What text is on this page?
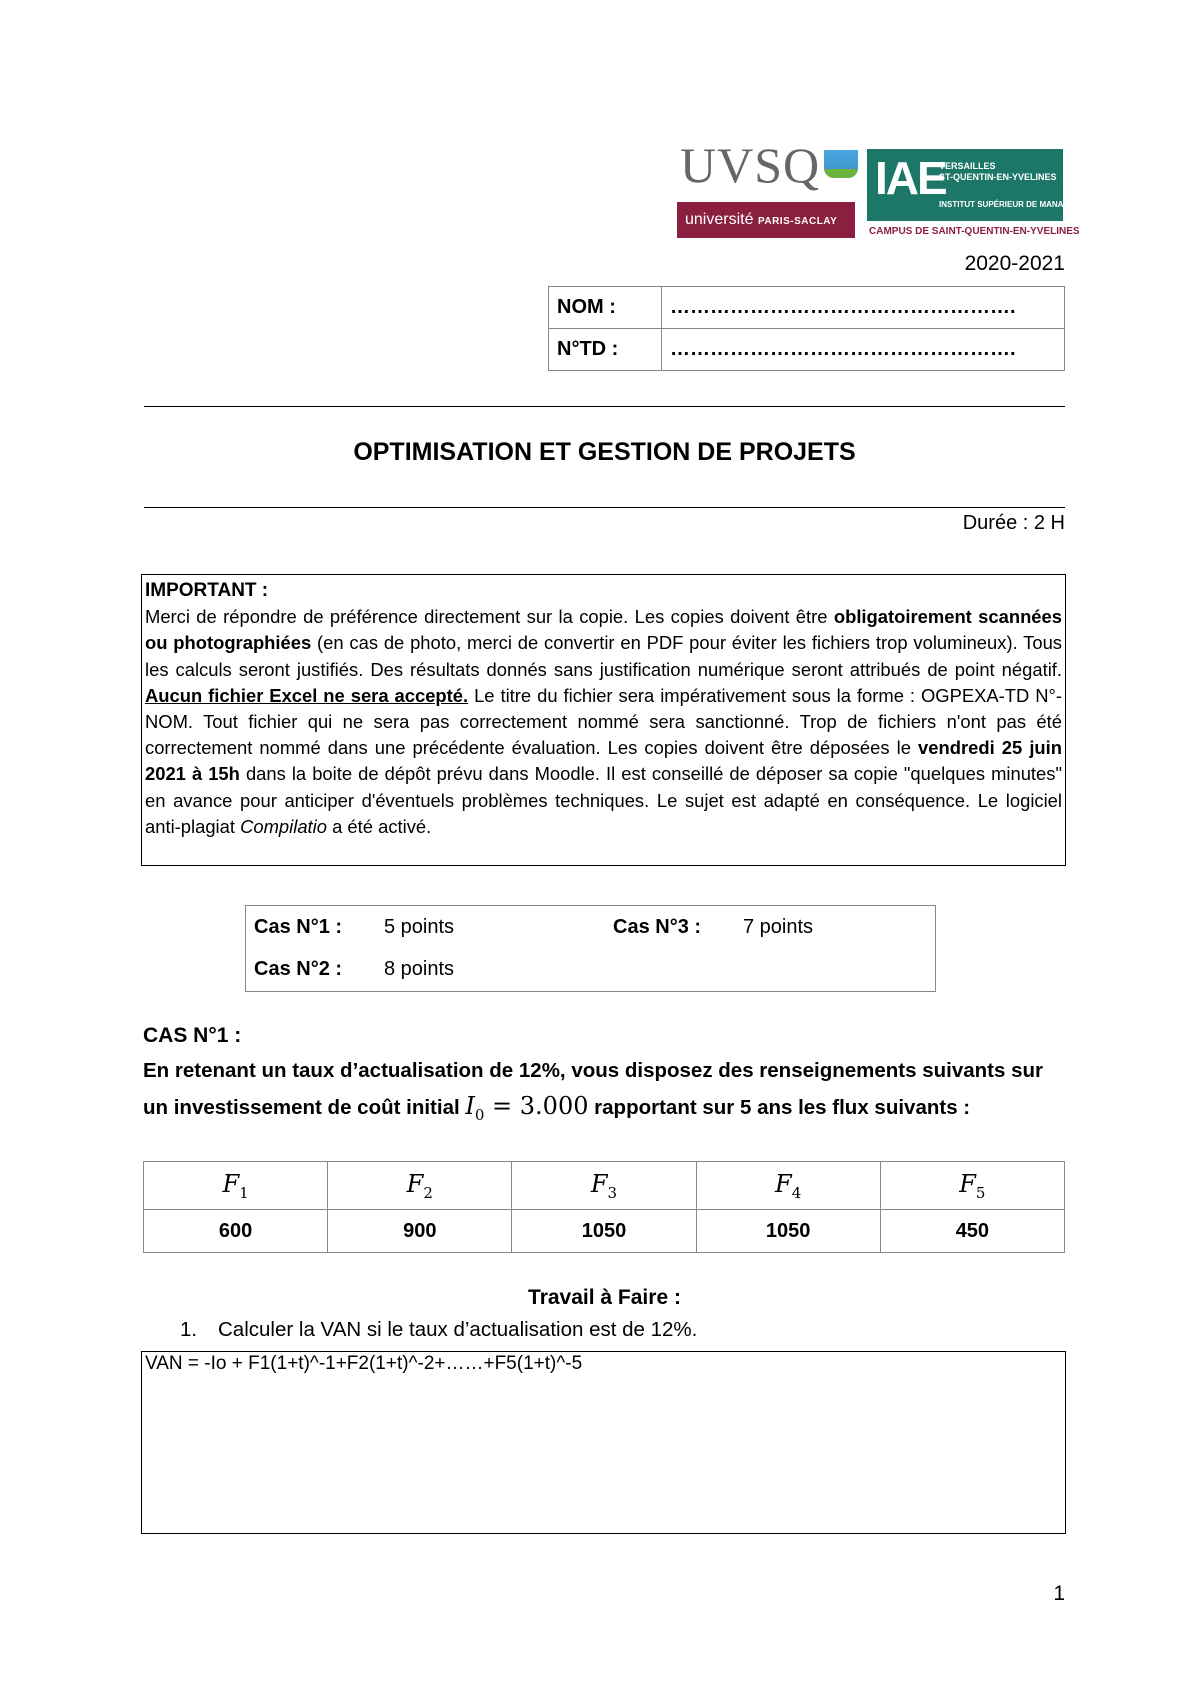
UVSQ
université PARIS-SACLAY
IAE
VERSAILLES
ST-QUENTIN-EN-YVELINES
INSTITUT SUPÉRIEUR DE MANAGEMENT
CAMPUS DE SAINT-QUENTIN-EN-YVELINES
2020-2021
NOM :	…………………………………………….
N°TD :	…………………………………………….
OPTIMISATION ET GESTION DE PROJETS
Durée : 2 H
IMPORTANT :

Merci de répondre de préférence directement sur la copie. Les copies doivent être obligatoirement scannées ou photographiées (en cas de photo, merci de convertir en PDF pour éviter les fichiers trop volumineux). Tous les calculs seront justifiés. Des résultats donnés sans justification numérique seront attribués de point négatif. Aucun fichier Excel ne sera accepté. Le titre du fichier sera impérativement sous la forme : OGPEXA-TD N°- NOM. Tout fichier qui ne sera pas correctement nommé sera sanctionné. Trop de fichiers n'ont pas été correctement nommé dans une précédente évaluation. Les copies doivent être déposées le vendredi 25 juin 2021 à 15h dans la boite de dépôt prévu dans Moodle. Il est conseillé de déposer sa copie "quelques minutes" en avance pour anticiper d'éventuels problèmes techniques. Le sujet est adapté en conséquence. Le logiciel anti-plagiat Compilatio a été activé.

Cas N°1 : 5 points	Cas N°3 : 7 points
Cas N°2 : 8 points
CAS N°1 :
En retenant un taux d’actualisation de 12%, vous disposez des renseignements suivants sur
un investissement de coût initial $I_0 = 3.000$ rapportant sur 5 ans les flux suivants :
$F_1$	$F_2$	$F_3$	$F_4$	$F_5$
600	900	1050	1050	450
Travail à Faire :
1. Calculer la VAN si le taux d’actualisation est de 12%.
VAN = -Io + F1(1+t)^-1+F2(1+t)^-2+……+F5(1+t)^-5
1
